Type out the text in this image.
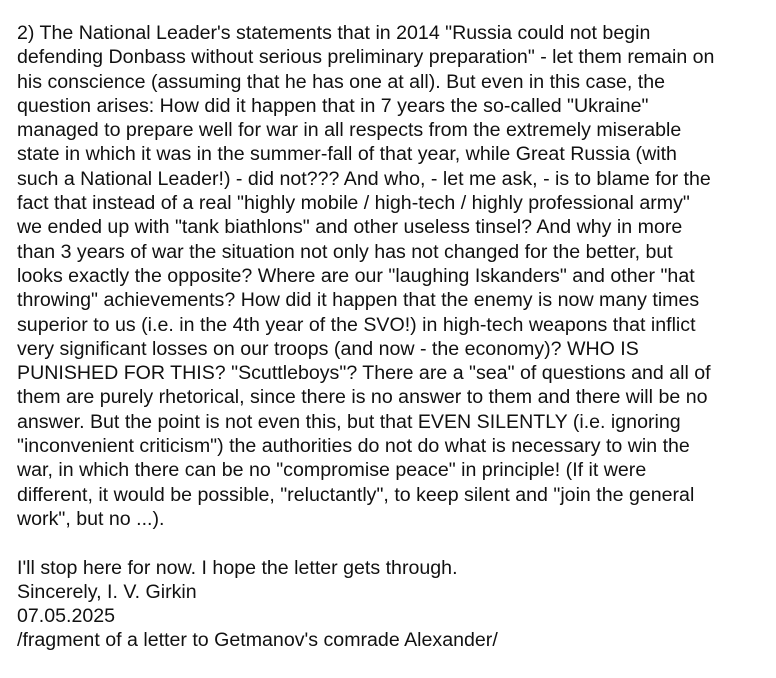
2) The National Leader's statements that in 2014 "Russia could not begin
defending Donbass without serious preliminary preparation" - let them remain on
his conscience (assuming that he has one at all). But even in this case, the
question arises: How did it happen that in 7 years the so-called "Ukraine"
managed to prepare well for war in all respects from the extremely miserable
state in which it was in the summer-fall of that year, while Great Russia (with
such a National Leader!) - did not??? And who, - let me ask, - is to blame for the
fact that instead of a real "highly mobile / high-tech / highly professional army"
we ended up with "tank biathlons" and other useless tinsel? And why in more
than 3 years of war the situation not only has not changed for the better, but
looks exactly the opposite? Where are our "laughing Iskanders" and other "hat
throwing" achievements? How did it happen that the enemy is now many times
superior to us (i.e. in the 4th year of the SVO!) in high-tech weapons that inflict
very significant losses on our troops (and now - the economy)? WHO IS
PUNISHED FOR THIS? "Scuttleboys"? There are a "sea" of questions and all of
them are purely rhetorical, since there is no answer to them and there will be no
answer. But the point is not even this, but that EVEN SILENTLY (i.e. ignoring
"inconvenient criticism") the authorities do not do what is necessary to win the
war, in which there can be no "compromise peace" in principle! (If it were
different, it would be possible, "reluctantly", to keep silent and "join the general
work", but no ...).
I'll stop here for now. I hope the letter gets through.
Sincerely, I. V. Girkin
07.05.2025
/fragment of a letter to Getmanov's comrade Alexander/
